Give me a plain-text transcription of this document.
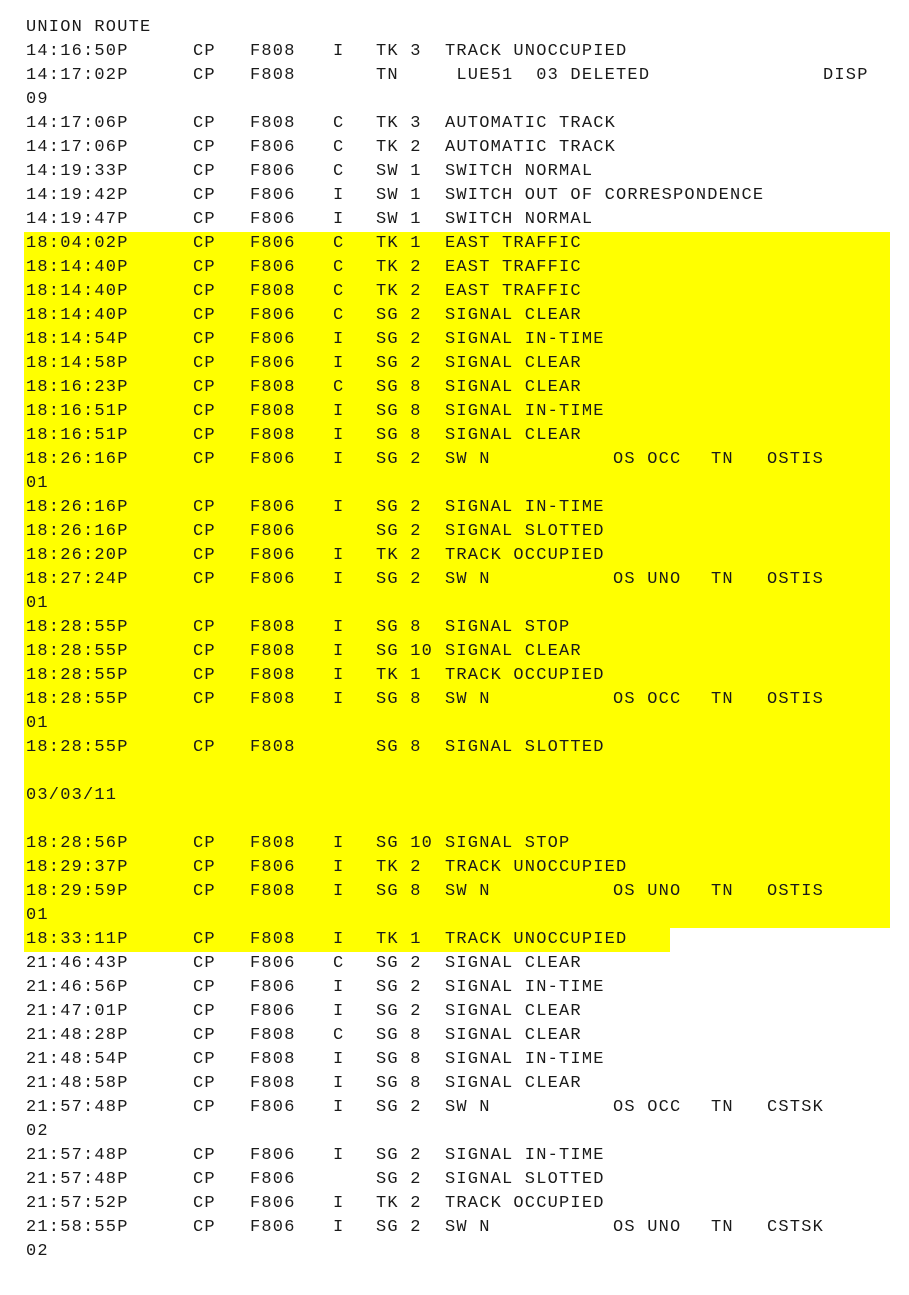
UNION ROUTE
14:16:50P	CP F808 I TK 3 TRACK UNOCCUPIED
14:17:02P	CP F808	TN	LUE51  03 DELETED	DISP
09
14:17:06P	CP F808 C TK 3 AUTOMATIC TRACK
14:17:06P	CP F806 C TK 2 AUTOMATIC TRACK
14:19:33P	CP F806 C SW 1 SWITCH NORMAL
14:19:42P	CP F806 I SW 1 SWITCH OUT OF CORRESPONDENCE
14:19:47P	CP F806 I SW 1 SWITCH NORMAL
18:04:02P	CP F806 C TK 1 EAST TRAFFIC
18:14:40P	CP F806 C TK 2 EAST TRAFFIC
18:14:40P	CP F808 C TK 2 EAST TRAFFIC
18:14:40P	CP F806 C SG 2 SIGNAL CLEAR
18:14:54P	CP F806 I SG 2 SIGNAL IN-TIME
18:14:58P	CP F806 I SG 2 SIGNAL CLEAR
18:16:23P	CP F808 C SG 8 SIGNAL CLEAR
18:16:51P	CP F808 I SG 8 SIGNAL IN-TIME
18:16:51P	CP F808 I SG 8 SIGNAL CLEAR
18:26:16P	CP F806 I SG 2 SW N	OS OCC TN OSTIS
01
18:26:16P	CP F806 I SG 2 SIGNAL IN-TIME
18:26:16P	CP F806	SG 2 SIGNAL SLOTTED
18:26:20P	CP F806 I TK 2 TRACK OCCUPIED
18:27:24P	CP F806 I SG 2 SW N	OS UNO TN OSTIS
01
18:28:55P	CP F808 I SG 8 SIGNAL STOP
18:28:55P	CP F808 I SG 10 SIGNAL CLEAR
18:28:55P	CP F808 I TK 1 TRACK OCCUPIED
18:28:55P	CP F808 I SG 8 SW N	OS OCC TN OSTIS
01
18:28:55P	CP F808	SG 8 SIGNAL SLOTTED
03/03/11
18:28:56P	CP F808 I SG 10 SIGNAL STOP
18:29:37P	CP F806 I TK 2 TRACK UNOCCUPIED
18:29:59P	CP F808 I SG 8 SW N	OS UNO TN OSTIS
01
18:33:11P	CP F808 I TK 1 TRACK UNOCCUPIED
21:46:43P	CP F806 C SG 2 SIGNAL CLEAR
21:46:56P	CP F806 I SG 2 SIGNAL IN-TIME
21:47:01P	CP F806 I SG 2 SIGNAL CLEAR
21:48:28P	CP F808 C SG 8 SIGNAL CLEAR
21:48:54P	CP F808 I SG 8 SIGNAL IN-TIME
21:48:58P	CP F808 I SG 8 SIGNAL CLEAR
21:57:48P	CP F806 I SG 2 SW N	OS OCC TN CSTSK
02
21:57:48P	CP F806 I SG 2 SIGNAL IN-TIME
21:57:48P	CP F806	SG 2 SIGNAL SLOTTED
21:57:52P	CP F806 I TK 2 TRACK OCCUPIED
21:58:55P	CP F806 I SG 2 SW N	OS UNO TN CSTSK
02
